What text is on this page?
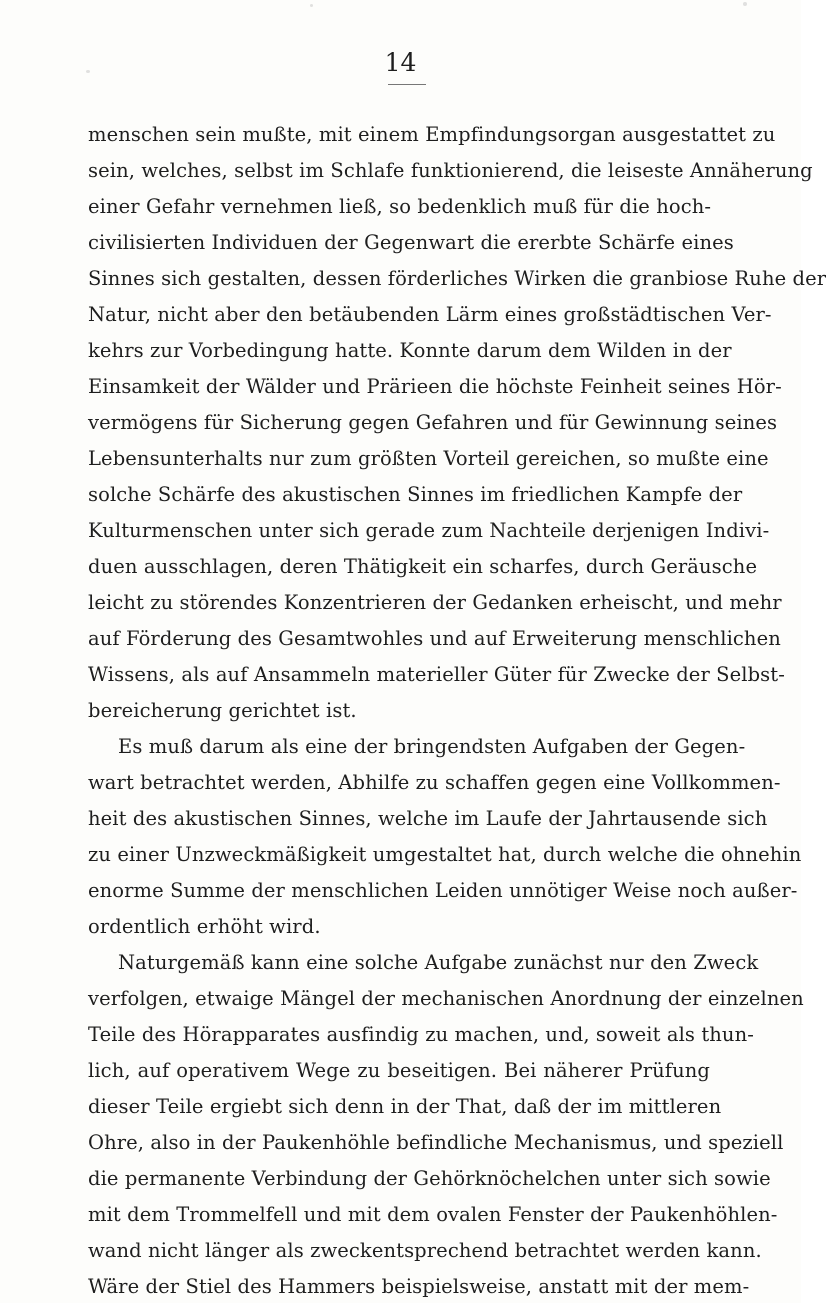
14
menschen sein mußte, mit einem Empfindungsorgan ausgestattet zu
sein, welches, selbst im Schlafe funktionierend, die leiseste Annäherung
einer Gefahr vernehmen ließ, so bedenklich muß für die hoch-
civilisierten Individuen der Gegenwart die ererbte Schärfe eines
Sinnes sich gestalten, dessen förderliches Wirken die granbiose Ruhe der
Natur, nicht aber den betäubenden Lärm eines großstädtischen Ver-
kehrs zur Vorbedingung hatte. Konnte darum dem Wilden in der
Einsamkeit der Wälder und Prärieen die höchste Feinheit seines Hör-
vermögens für Sicherung gegen Gefahren und für Gewinnung seines
Lebensunterhalts nur zum größten Vorteil gereichen, so mußte eine
solche Schärfe des akustischen Sinnes im friedlichen Kampfe der
Kulturmenschen unter sich gerade zum Nachteile derjenigen Indivi-
duen ausschlagen, deren Thätigkeit ein scharfes, durch Geräusche
leicht zu störendes Konzentrieren der Gedanken erheischt, und mehr
auf Förderung des Gesamtwohles und auf Erweiterung menschlichen
Wissens, als auf Ansammeln materieller Güter für Zwecke der Selbst-
bereicherung gerichtet ist.
Es muß darum als eine der bringendsten Aufgaben der Gegen-
wart betrachtet werden, Abhilfe zu schaffen gegen eine Vollkommen-
heit des akustischen Sinnes, welche im Laufe der Jahrtausende sich
zu einer Unzweckmäßigkeit umgestaltet hat, durch welche die ohnehin
enorme Summe der menschlichen Leiden unnötiger Weise noch außer-
ordentlich erhöht wird.
Naturgemäß kann eine solche Aufgabe zunächst nur den Zweck
verfolgen, etwaige Mängel der mechanischen Anordnung der einzelnen
Teile des Hörapparates ausfindig zu machen, und, soweit als thun-
lich, auf operativem Wege zu beseitigen. Bei näherer Prüfung
dieser Teile ergiebt sich denn in der That, daß der im mittleren
Ohre, also in der Paukenhöhle befindliche Mechanismus, und speziell
die permanente Verbindung der Gehörknöchelchen unter sich sowie
mit dem Trommelfell und mit dem ovalen Fenster der Paukenhöhlen-
wand nicht länger als zweckentsprechend betrachtet werden kann.
Wäre der Stiel des Hammers beispielsweise, anstatt mit der mem-
